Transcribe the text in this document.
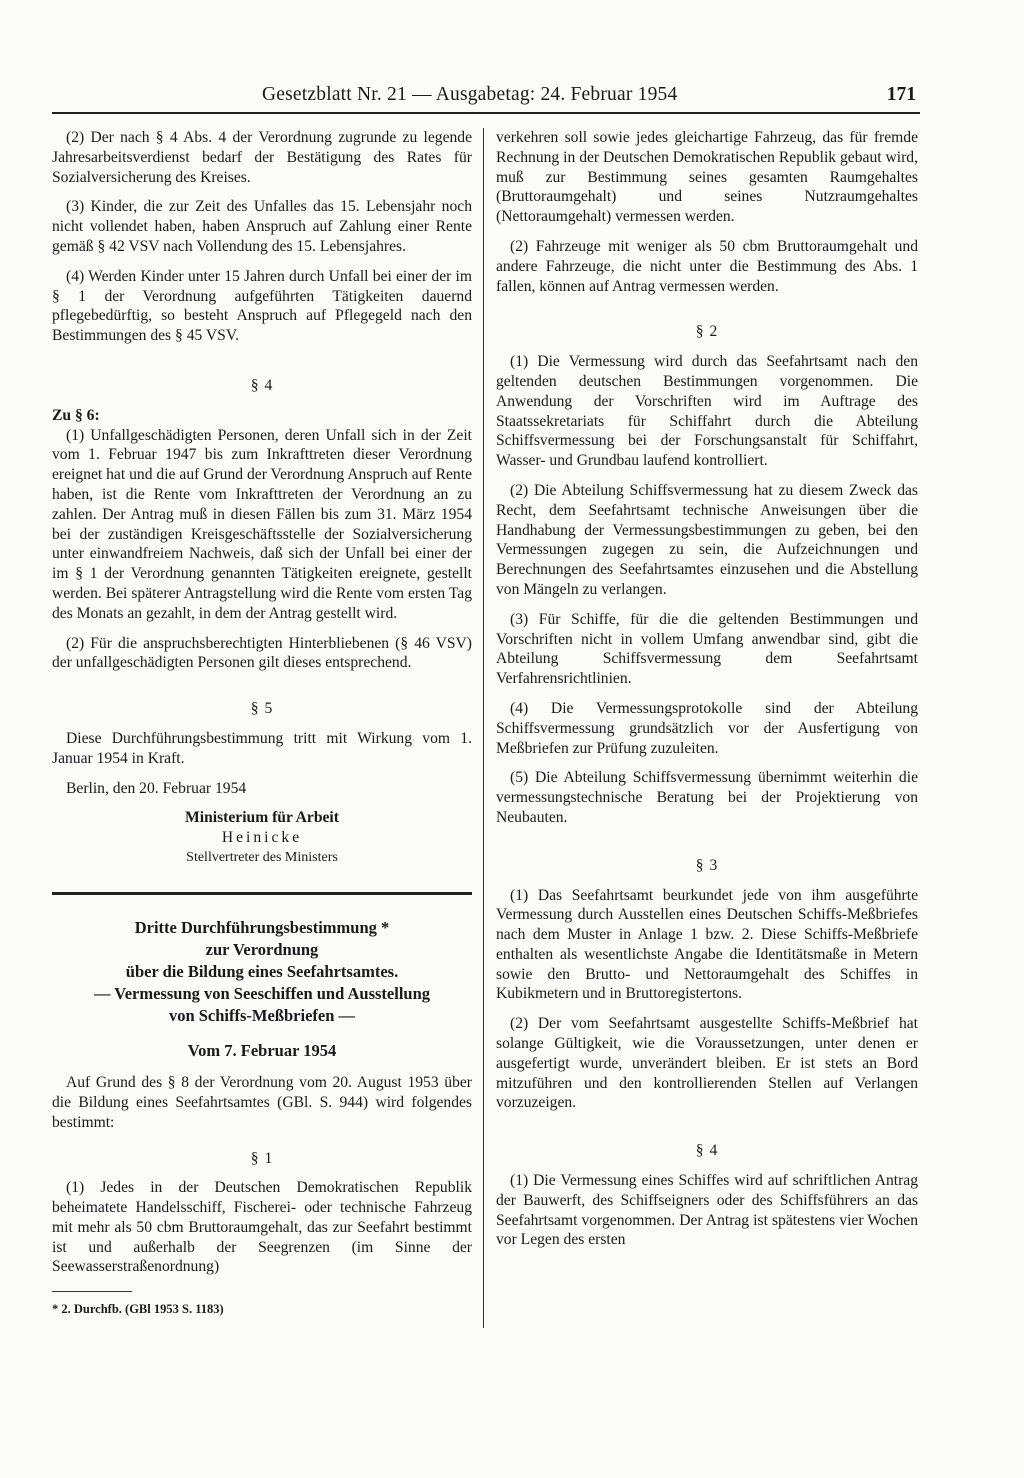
Gesetzblatt Nr. 21 — Ausgabetag: 24. Februar 1954	171

(2) Der nach § 4 Abs. 4 der Verordnung zugrunde zu legende Jahresarbeitsverdienst bedarf der Bestätigung des Rates für Sozialversicherung des Kreises.

(3) Kinder, die zur Zeit des Unfalles das 15. Lebensjahr noch nicht vollendet haben, haben Anspruch auf Zahlung einer Rente gemäß § 42 VSV nach Vollendung des 15. Lebensjahres.

(4) Werden Kinder unter 15 Jahren durch Unfall bei einer der im § 1 der Verordnung aufgeführten Tätigkeiten dauernd pflegebedürftig, so besteht Anspruch auf Pflegegeld nach den Bestimmungen des § 45 VSV.

§ 4

Zu § 6:

(1) Unfallgeschädigten Personen, deren Unfall sich in der Zeit vom 1. Februar 1947 bis zum Inkrafttreten dieser Verordnung ereignet hat und die auf Grund der Verordnung Anspruch auf Rente haben, ist die Rente vom Inkrafttreten der Verordnung an zu zahlen. Der Antrag muß in diesen Fällen bis zum 31. März 1954 bei der zuständigen Kreisgeschäftsstelle der Sozialversicherung unter einwandfreiem Nachweis, daß sich der Unfall bei einer der im § 1 der Verordnung genannten Tätigkeiten ereignete, gestellt werden. Bei späterer Antragstellung wird die Rente vom ersten Tag des Monats an gezahlt, in dem der Antrag gestellt wird.

(2) Für die anspruchsberechtigten Hinterbliebenen (§ 46 VSV) der unfallgeschädigten Personen gilt dieses entsprechend.

§ 5

Diese Durchführungsbestimmung tritt mit Wirkung vom 1. Januar 1954 in Kraft.

Berlin, den 20. Februar 1954

Ministerium für Arbeit
Heinicke
Stellvertreter des Ministers
Dritte Durchführungsbestimmung *
zur Verordnung
über die Bildung eines Seefahrtsamtes.
— Vermessung von Seeschiffen und Ausstellung
von Schiffs-Meßbriefen —
Vom 7. Februar 1954

Auf Grund des § 8 der Verordnung vom 20. August 1953 über die Bildung eines Seefahrtsamtes (GBl. S. 944) wird folgendes bestimmt:

§ 1

(1) Jedes in der Deutschen Demokratischen Republik beheimatete Handelsschiff, Fischerei- oder technische Fahrzeug mit mehr als 50 cbm Bruttoraumgehalt, das zur Seefahrt bestimmt ist und außerhalb der Seegrenzen (im Sinne der Seewasserstraßenordnung)

* 2. Durchfb. (GBl 1953 S. 1183)

verkehren soll sowie jedes gleichartige Fahrzeug, das für fremde Rechnung in der Deutschen Demokratischen Republik gebaut wird, muß zur Bestimmung seines gesamten Raumgehaltes (Bruttoraumgehalt) und seines Nutzraumgehaltes (Nettoraumgehalt) vermessen werden.

(2) Fahrzeuge mit weniger als 50 cbm Bruttoraumgehalt und andere Fahrzeuge, die nicht unter die Bestimmung des Abs. 1 fallen, können auf Antrag vermessen werden.

§ 2

(1) Die Vermessung wird durch das Seefahrtsamt nach den geltenden deutschen Bestimmungen vorgenommen. Die Anwendung der Vorschriften wird im Auftrage des Staatssekretariats für Schiffahrt durch die Abteilung Schiffsvermessung bei der Forschungsanstalt für Schiffahrt, Wasser- und Grundbau laufend kontrolliert.

(2) Die Abteilung Schiffsvermessung hat zu diesem Zweck das Recht, dem Seefahrtsamt technische Anweisungen über die Handhabung der Vermessungsbestimmungen zu geben, bei den Vermessungen zugegen zu sein, die Aufzeichnungen und Berechnungen des Seefahrtsamtes einzusehen und die Abstellung von Mängeln zu verlangen.

(3) Für Schiffe, für die die geltenden Bestimmungen und Vorschriften nicht in vollem Umfang anwendbar sind, gibt die Abteilung Schiffsvermessung dem Seefahrtsamt Verfahrensrichtlinien.

(4) Die Vermessungsprotokolle sind der Abteilung Schiffsvermessung grundsätzlich vor der Ausfertigung von Meßbriefen zur Prüfung zuzuleiten.

(5) Die Abteilung Schiffsvermessung übernimmt weiterhin die vermessungstechnische Beratung bei der Projektierung von Neubauten.

§ 3

(1) Das Seefahrtsamt beurkundet jede von ihm ausgeführte Vermessung durch Ausstellen eines Deutschen Schiffs-Meßbriefes nach dem Muster in Anlage 1 bzw. 2. Diese Schiffs-Meßbriefe enthalten als wesentlichste Angabe die Identitätsmaße in Metern sowie den Brutto- und Nettoraumgehalt des Schiffes in Kubikmetern und in Bruttoregistertons.

(2) Der vom Seefahrtsamt ausgestellte Schiffs-Meßbrief hat solange Gültigkeit, wie die Voraussetzungen, unter denen er ausgefertigt wurde, unverändert bleiben. Er ist stets an Bord mitzuführen und den kontrollierenden Stellen auf Verlangen vorzuzeigen.

§ 4

(1) Die Vermessung eines Schiffes wird auf schriftlichen Antrag der Bauwerft, des Schiffseigners oder des Schiffsführers an das Seefahrtsamt vorgenommen. Der Antrag ist spätestens vier Wochen vor Legen des ersten
